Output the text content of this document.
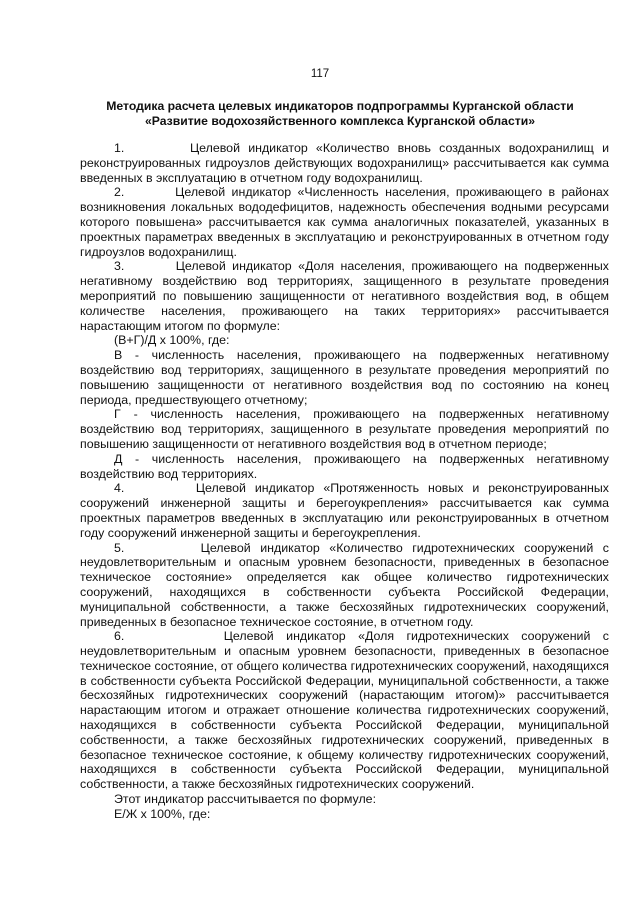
117
Методика расчета целевых индикаторов подпрограммы Курганской области
«Развитие водохозяйственного комплекса Курганской области»

1.        Целевой индикатор «Количество вновь созданных водохранилищ и реконструированных гидроузлов действующих водохранилищ» рассчитывается как сумма введенных в эксплуатацию в отчетном году водохранилищ.

2.        Целевой индикатор «Численность населения, проживающего в районах возникновения локальных вододефицитов, надежность обеспечения водными ресурсами которого повышена» рассчитывается как сумма аналогичных показателей, указанных в проектных параметрах введенных в эксплуатацию и реконструированных в отчетном году гидроузлов водохранилищ.

3.        Целевой индикатор «Доля населения, проживающего на подверженных негативному воздействию вод территориях, защищенного в результате проведения мероприятий по повышению защищенности от негативного воздействия вод, в общем количестве населения, проживающего на таких территориях» рассчитывается нарастающим итогом по формуле:

(В+Г)/Д х 100%, где:

В - численность населения, проживающего на подверженных негативному воздействию вод территориях, защищенного в результате проведения мероприятий по повышению защищенности от негативного воздействия вод по состоянию на конец периода, предшествующего отчетному;

Г - численность населения, проживающего на подверженных негативному воздействию вод территориях, защищенного в результате проведения мероприятий по повышению защищенности от негативного воздействия вод в отчетном периоде;

Д - численность населения, проживающего на подверженных негативному воздействию вод территориях.

4.        Целевой индикатор «Протяженность новых и реконструированных сооружений инженерной защиты и берегоукрепления» рассчитывается как сумма проектных параметров введенных в эксплуатацию или реконструированных в отчетном году сооружений инженерной защиты и берегоукрепления.

5.        Целевой индикатор «Количество гидротехнических сооружений с неудовлетворительным и опасным уровнем безопасности, приведенных в безопасное техническое состояние» определяется как общее количество гидротехнических сооружений, находящихся в собственности субъекта Российской Федерации, муниципальной собственности, а также бесхозяйных гидротехнических сооружений, приведенных в безопасное техническое состояние, в отчетном году.

6.        Целевой индикатор «Доля гидротехнических сооружений с неудовлетворительным и опасным уровнем безопасности, приведенных в безопасное техническое состояние, от общего количества гидротехнических сооружений, находящихся в собственности субъекта Российской Федерации, муниципальной собственности, а также бесхозяйных гидротехнических сооружений (нарастающим итогом)» рассчитывается нарастающим итогом и отражает отношение количества гидротехнических сооружений, находящихся в собственности субъекта Российской Федерации, муниципальной собственности, а также бесхозяйных гидротехнических сооружений, приведенных в безопасное техническое состояние, к общему количеству гидротехнических сооружений, находящихся в собственности субъекта Российской Федерации, муниципальной собственности, а также бесхозяйных гидротехнических сооружений.

Этот индикатор рассчитывается по формуле:

Е/Ж х 100%, где:
